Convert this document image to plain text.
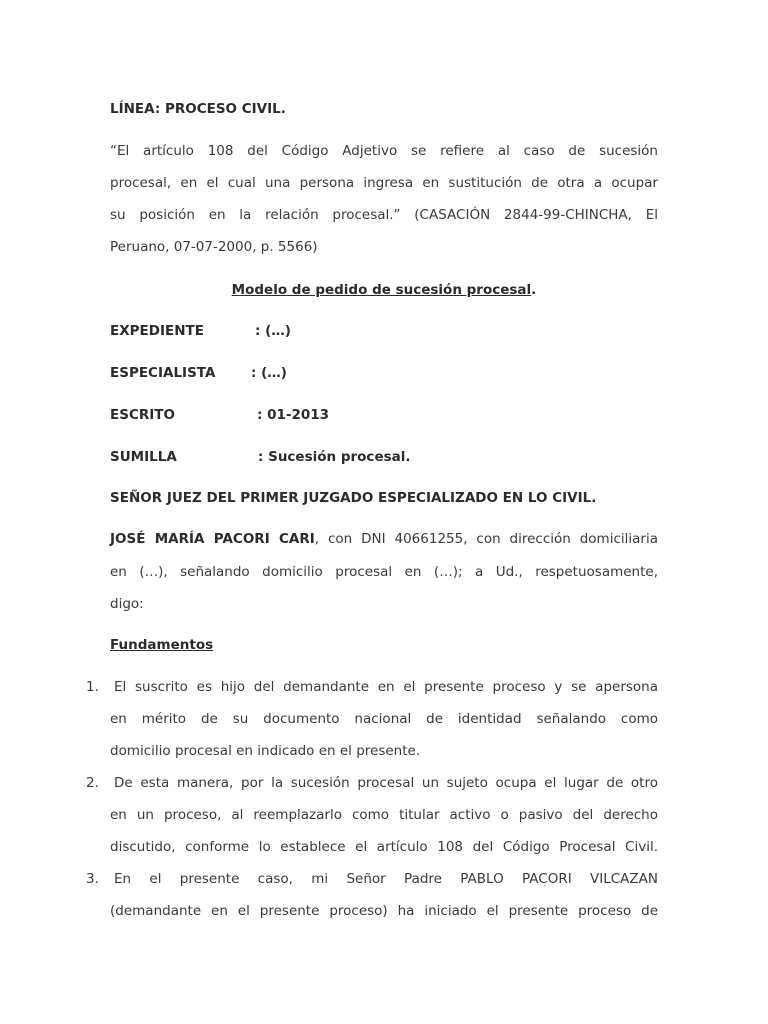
LÍNEA: PROCESO CIVIL.
“El artículo 108 del Código Adjetivo se refiere al caso de sucesión
procesal, en el cual una persona ingresa en sustitución de otra a ocupar
su posición en la relación procesal.” (CASACIÓN 2844-99-CHINCHA, El
Peruano, 07-07-2000, p. 5566)
Modelo de pedido de sucesión procesal.
EXPEDIENTE	: (…)
ESPECIALISTA	: (…)
ESCRITO	: 01-2013
SUMILLA	: Sucesión procesal.
SEÑOR JUEZ DEL PRIMER JUZGADO ESPECIALIZADO EN LO CIVIL.
JOSÉ MARÍA PACORI CARI, con DNI 40661255, con dirección domiciliaria
en (…), señalando domicilio procesal en (…); a Ud., respetuosamente,
digo:
Fundamentos
1.	El suscrito es hijo del demandante en el presente proceso y se apersona
en mérito de su documento nacional de identidad señalando como
domicilio procesal en indicado en el presente.
2.	De esta manera, por la sucesión procesal un sujeto ocupa el lugar de otro
en un proceso, al reemplazarlo como titular activo o pasivo del derecho
discutido, conforme lo establece el artículo 108 del Código Procesal Civil.
3.	En el presente caso, mi Señor Padre PABLO PACORI VILCAZAN
(demandante en el presente proceso) ha iniciado el presente proceso de
